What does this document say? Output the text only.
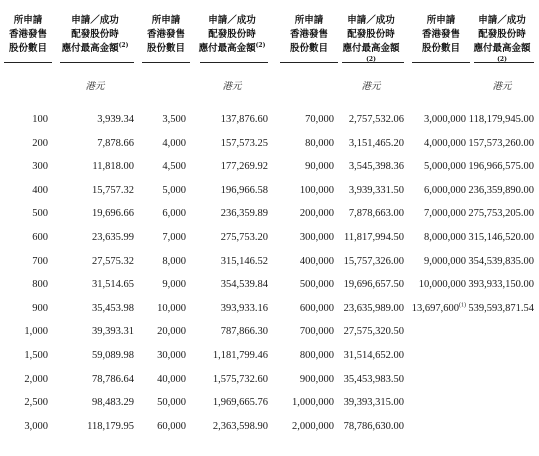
所申請
香港發售
股份數目
申請／成功
配發股份時
應付最高金額$^{(2)}$
港元
100	3,939.34
200	7,878.66
300	11,818.00
400	15,757.32
500	19,696.66
600	23,635.99
700	27,575.32
800	31,514.65
900	35,453.98
1,000	39,393.31
1,500	59,089.98
2,000	78,786.64
2,500	98,483.29
3,000	118,179.95
所申請
香港發售
股份數目
申請／成功
配發股份時
應付最高金額$^{(2)}$
港元
3,500	137,876.60
4,000	157,573.25
4,500	177,269.92
5,000	196,966.58
6,000	236,359.89
7,000	275,753.20
8,000	315,146.52
9,000	354,539.84
10,000	393,933.16
20,000	787,866.30
30,000	1,181,799.46
40,000	1,575,732.60
50,000	1,969,665.76
60,000	2,363,598.90
所申請
香港發售
股份數目
申請／成功
配發股份時
應付最高金額$^{(2)}$
港元
70,000 2,757,532.06
80,000 3,151,465.20
90,000 3,545,398.36
100,000 3,939,331.50
200,000 7,878,663.00
300,000 11,817,994.50
400,000 15,757,326.00
500,000 19,696,657.50
600,000 23,635,989.00
700,000 27,575,320.50
800,000 31,514,652.00
900,000 35,453,983.50
1,000,000 39,393,315.00
2,000,000 78,786,630.00
所申請
香港發售
股份數目
申請／成功
配發股份時
應付最高金額$^{(2)}$
港元
3,000,000 118,179,945.00
4,000,000 157,573,260.00
5,000,000 196,966,575.00
6,000,000 236,359,890.00
7,000,000 275,753,205.00
8,000,000 315,146,520.00
9,000,000 354,539,835.00
10,000,000 393,933,150.00
13,697,600$^{(1)}$ 539,593,871.54
